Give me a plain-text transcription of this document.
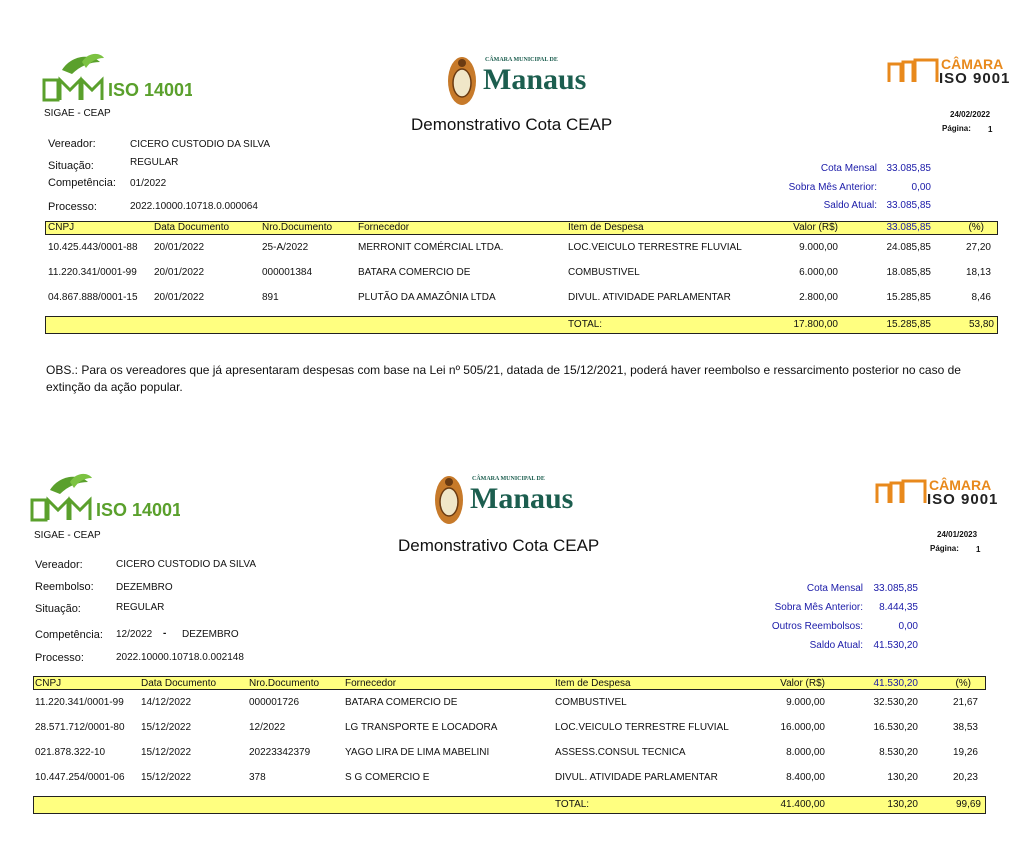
ISO 14001
SIGAE - CEAP
CÂMARA MUNICIPAL DE
Manaus
Demonstrativo Cota CEAP
CÂMARA
ISO 9001
24/02/2022
Página: 1
Vereador:	CICERO CUSTODIO DA SILVA
Situação:	REGULAR
Competência: 01/2022
Processo:	2022.10000.10718.0.000064
Cota Mensal 33.085,85
Sobra Mês Anterior:	0,00
Saldo Atual: 33.085,85
CNPJ	Data Documento	Nro.Documento	Fornecedor	Item de Despesa	Valor (R$)	33.085,85	(%)
10.425.443/0001-88 20/01/2022	25-A/2022	MERRONIT COMÉRCIAL LTDA.	LOC.VEICULO TERRESTRE FLUVIAL	9.000,00	24.085,85	27,20
11.220.341/0001-99 20/01/2022	000001384	BATARA COMERCIO DE	COMBUSTIVEL	6.000,00	18.085,85	18,13
04.867.888/0001-15 20/01/2022	891	PLUTÃO DA AMAZÔNIA LTDA	DIVUL. ATIVIDADE PARLAMENTAR	2.800,00	15.285,85	8,46
TOTAL:	17.800,00	15.285,85	53,80
OBS.: Para os vereadores que já apresentaram despesas com base na Lei nº 505/21, datada de 15/12/2021, poderá haver reembolso e ressarcimento posterior no caso de
extinção da ação popular.
ISO 14001
SIGAE - CEAP
CÂMARA MUNICIPAL DE
Manaus
Demonstrativo Cota CEAP
CÂMARA
ISO 9001
24/01/2023
Página: 1
Vereador:	CICERO CUSTODIO DA SILVA
Reembolso: DEZEMBRO
Situação:	REGULAR
Competência: 12/2022 - DEZEMBRO
Processo:	2022.10000.10718.0.002148
Cota Mensal	33.085,85
Sobra Mês Anterior:	8.444,35
Outros Reembolsos:	0,00
Saldo Atual:	41.530,20
CNPJ	Data Documento	Nro.Documento	Fornecedor	Item de Despesa	Valor (R$)	41.530,20	(%)
11.220.341/0001-99 14/12/2022	000001726	BATARA COMERCIO DE	COMBUSTIVEL	9.000,00	32.530,20	21,67
28.571.712/0001-80 15/12/2022	12/2022	LG TRANSPORTE E LOCADORA	LOC.VEICULO TERRESTRE FLUVIAL	16.000,00	16.530,20	38,53
021.878.322-10	15/12/2022	20223342379	YAGO LIRA DE LIMA MABELINI	ASSESS.CONSUL TECNICA	8.000,00	8.530,20	19,26
10.447.254/0001-06 15/12/2022	378	S G COMERCIO E	DIVUL. ATIVIDADE PARLAMENTAR	8.400,00	130,20	20,23
TOTAL:	41.400,00	130,20	99,69
